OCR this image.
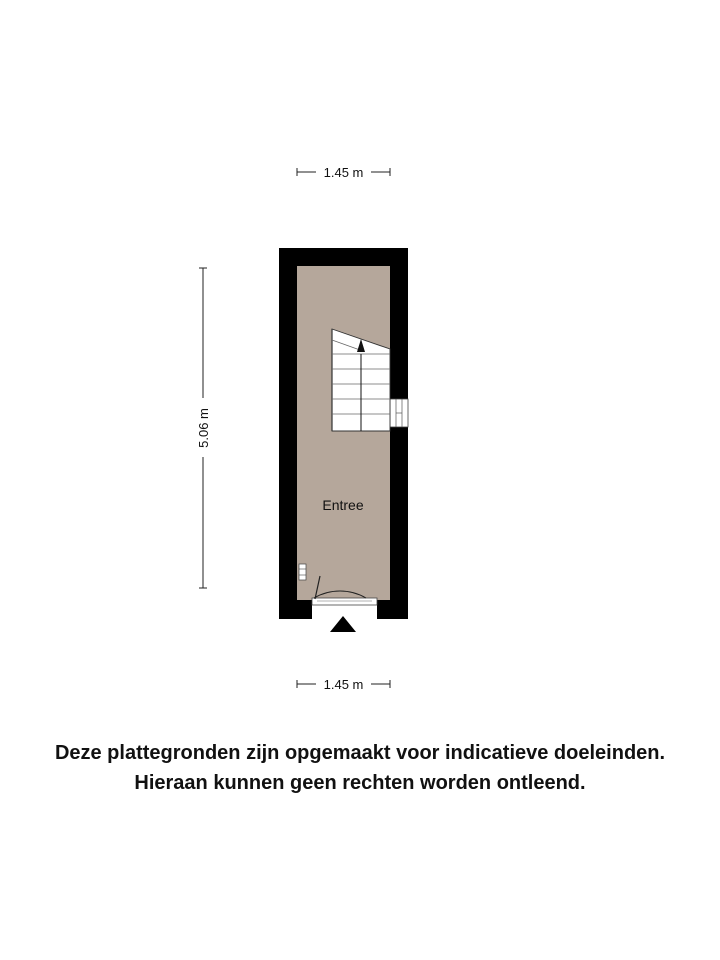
1.45 m
5.06 m
Entree
1.45 m
Deze plattegronden zijn opgemaakt voor indicatieve doeleinden.
Hieraan kunnen geen rechten worden ontleend.
